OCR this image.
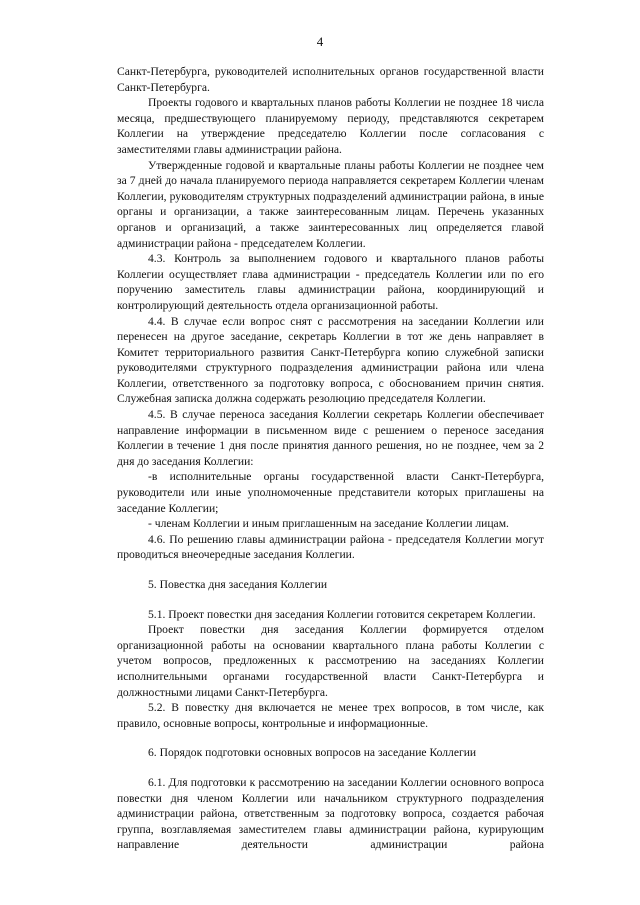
4

Санкт-Петербурга, руководителей исполнительных органов государственной власти Санкт-Петербурга.

Проекты годового и квартальных планов работы Коллегии не позднее 18 числа месяца, предшествующего планируемому периоду, представляются секретарем Коллегии на утверждение председателю Коллегии после согласования с заместителями главы администрации района.

Утвержденные годовой и квартальные планы работы Коллегии не позднее чем за 7 дней до начала планируемого периода направляется секретарем Коллегии членам Коллегии, руководителям структурных подразделений администрации района, в иные органы и организации, а также заинтересованным лицам. Перечень указанных органов и организаций, а также заинтересованных лиц определяется главой администрации района - председателем Коллегии.

4.3. Контроль за выполнением годового и квартального планов работы Коллегии осуществляет глава администрации - председатель Коллегии или по его поручению заместитель главы администрации района, координирующий и контролирующий деятельность отдела организационной работы.

4.4. В случае если вопрос снят с рассмотрения на заседании Коллегии или перенесен на другое заседание, секретарь Коллегии в тот же день направляет в Комитет территориального развития Санкт-Петербурга копию служебной записки руководителями структурного подразделения администрации района или члена Коллегии, ответственного за подготовку вопроса, с обоснованием причин снятия. Служебная записка должна содержать резолюцию председателя Коллегии.

4.5. В случае переноса заседания Коллегии секретарь Коллегии обеспечивает направление информации в письменном виде с решением о переносе заседания Коллегии в течение 1 дня после принятия данного решения, но не позднее, чем за 2 дня до заседания Коллегии:

-в исполнительные органы государственной власти Санкт-Петербурга, руководители или иные уполномоченные представители которых приглашены на заседание Коллегии;

- членам Коллегии и иным приглашенным на заседание Коллегии лицам.

4.6. По решению главы администрации района - председателя Коллегии могут проводиться внеочередные заседания Коллегии.

5. Повестка дня заседания Коллегии

5.1. Проект повестки дня заседания Коллегии готовится секретарем Коллегии.

Проект повестки дня заседания Коллегии формируется отделом организационной работы на основании квартального плана работы Коллегии с учетом вопросов, предложенных к рассмотрению на заседаниях Коллегии исполнительными органами государственной власти Санкт-Петербурга и должностными лицами Санкт-Петербурга.

5.2. В повестку дня включается не менее трех вопросов, в том числе, как правило, основные вопросы, контрольные и информационные.

6. Порядок подготовки основных вопросов на заседание Коллегии

6.1. Для подготовки к рассмотрению на заседании Коллегии основного вопроса повестки дня членом Коллегии или начальником структурного подразделения администрации района, ответственным за подготовку вопроса, создается рабочая группа, возглавляемая заместителем главы администрации района, курирующим направление деятельности администрации района
